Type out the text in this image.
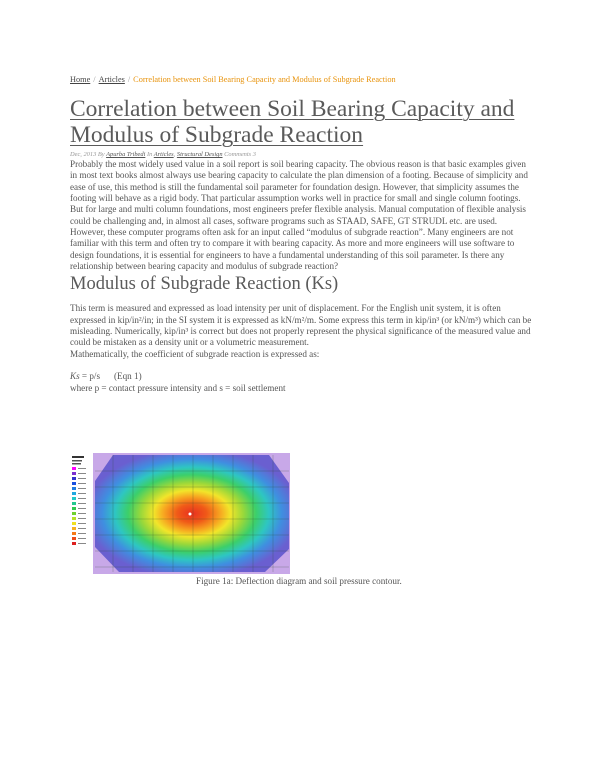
Home / Articles / Correlation between Soil Bearing Capacity and Modulus of Subgrade Reaction
Correlation between Soil Bearing Capacity and Modulus of Subgrade Reaction
Dec, 2013 By Apurba Tribedi In Articles, Structural Design Comments 3

Probably the most widely used value in a soil report is soil bearing capacity. The obvious reason is that basic examples given in most text books almost always use bearing capacity to calculate the plan dimension of a footing. Because of simplicity and ease of use, this method is still the fundamental soil parameter for foundation design. However, that simplicity assumes the footing will behave as a rigid body. That particular assumption works well in practice for small and single column footings. But for large and multi column foundations, most engineers prefer flexible analysis. Manual computation of flexible analysis could be challenging and, in almost all cases, software programs such as STAAD, SAFE, GT STRUDL etc. are used. However, these computer programs often ask for an input called “modulus of subgrade reaction”. Many engineers are not familiar with this term and often try to compare it with bearing capacity. As more and more engineers will use software to design foundations, it is essential for engineers to have a fundamental understanding of this soil parameter. Is there any relationship between bearing capacity and modulus of subgrade reaction?

Modulus of Subgrade Reaction (Ks)

This term is measured and expressed as load intensity per unit of displacement. For the English unit system, it is often expressed in kip/in²/in; in the SI system it is expressed as kN/m²/m. Some express this term in kip/in³ (or kN/m³) which can be misleading. Numerically, kip/in³ is correct but does not properly represent the physical significance of the measured value and could be mistaken as a density unit or a volumetric measurement.

Mathematically, the coefficient of subgrade reaction is expressed as:

Ks = p/s (Eqn 1)

where p = contact pressure intensity and s = soil settlement

Figure 1a: Deflection diagram and soil pressure contour.
